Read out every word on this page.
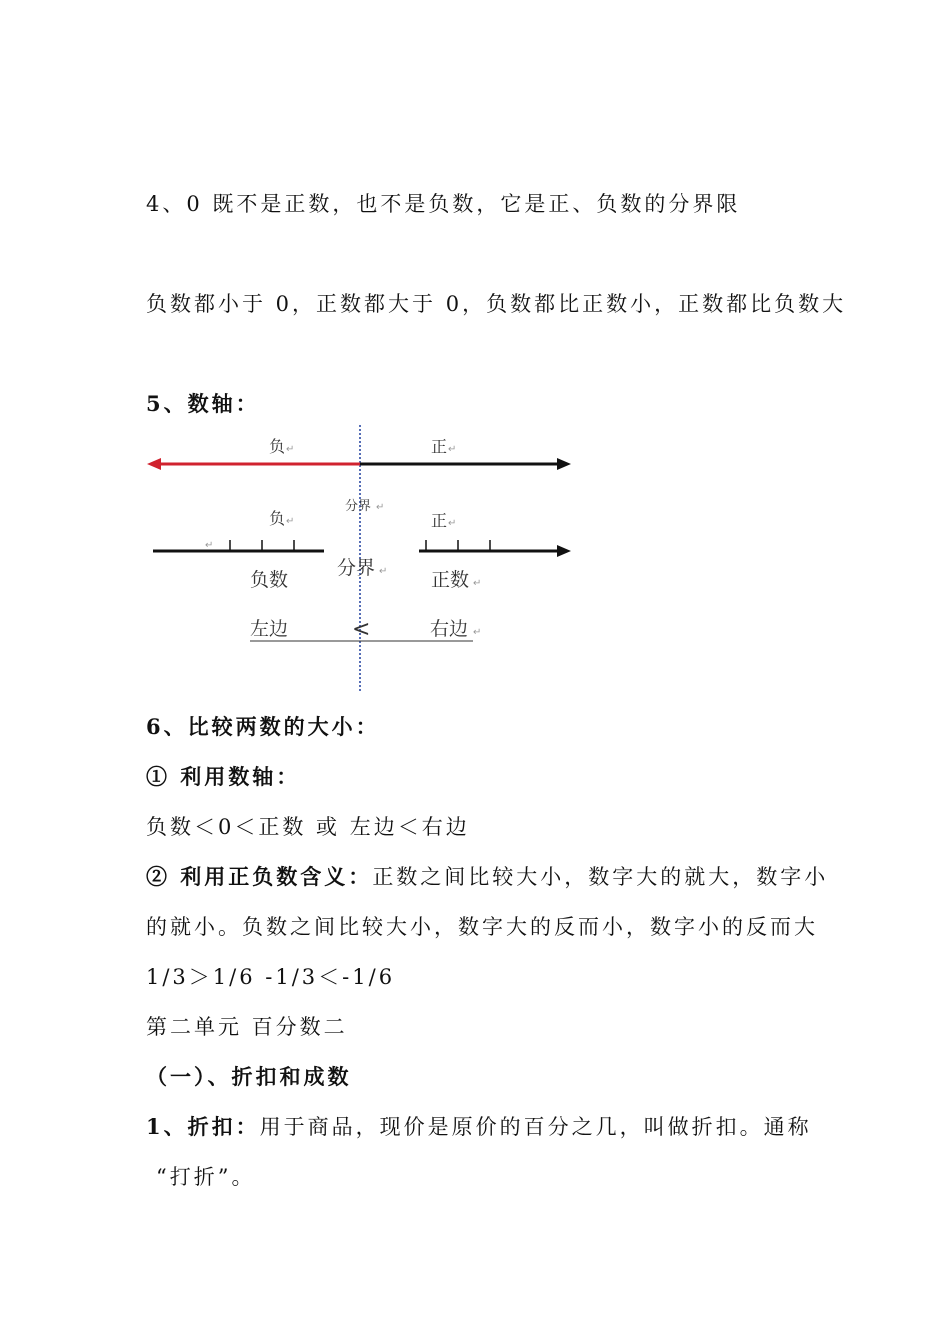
4、0 既不是正数，也不是负数，它是正、负数的分界限
负数都小于 0，正数都大于 0，负数都比正数小，正数都比负数大
5、数轴：
负 ↵	正 ↵
分界 ↵
负 ↵	正 ↵
↵
分界 ↵
负数	正数 ↵
左边	<	右边 ↵
6、比较两数的大小：
① 利用数轴：
负数＜0＜正数 或 左边＜右边
② 利用正负数含义：正数之间比较大小，数字大的就大，数字小
的就小。负数之间比较大小，数字大的反而小，数字小的反而大
1/3＞1/6 -1/3＜-1/6
第二单元 百分数二
（一）、折扣和成数
1、折扣：用于商品，现价是原价的百分之几，叫做折扣。通称
“打折”。
